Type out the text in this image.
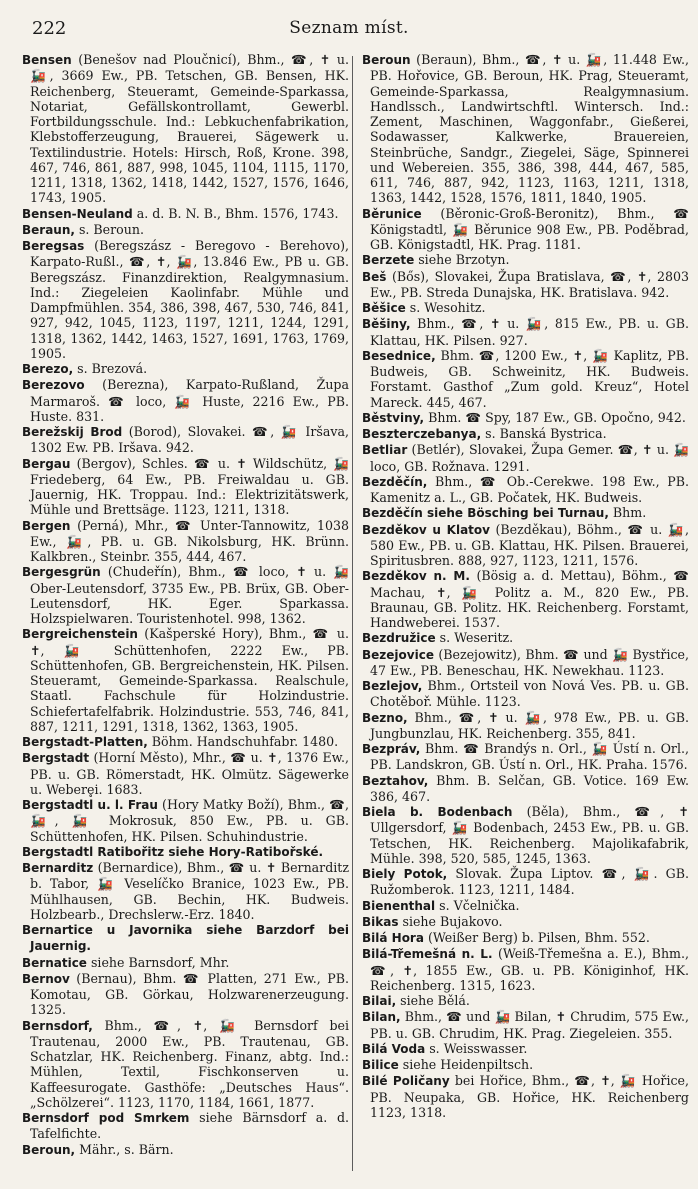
222	Seznam míst.

Bensen (Benešov nad Ploučnicí), Bhm., ☎, ✝ u. 🚂, 3669 Ew., PB. Tetschen, GB. Bensen, HK. Reichenberg, Steueramt, Gemeinde-Sparkassa, Notariat, Gefällskontrollamt, Gewerbl. Fortbildungsschule. Ind.: Lebkuchenfabrikation, Klebstofferzeugung, Brauerei, Sägewerk u. Textilindustrie. Hotels: Hirsch, Roß, Krone. 398, 467, 746, 861, 887, 998, 1045, 1104, 1115, 1170, 1211, 1318, 1362, 1418, 1442, 1527, 1576, 1646, 1743, 1905.

Bensen-Neuland a. d. B. N. B., Bhm. 1576, 1743.

Beraun, s. Beroun.

Beregsas (Beregszász - Beregovo - Berehovo), Karpato-Rußl., ☎, ✝, 🚂, 13.846 Ew., PB u. GB. Beregszász. Finanzdirektion, Realgymnasium. Ind.: Ziegeleien Kaolinfabr. Mühle und Dampfmühlen. 354, 386, 398, 467, 530, 746, 841, 927, 942, 1045, 1123, 1197, 1211, 1244, 1291, 1318, 1362, 1442, 1463, 1527, 1691, 1763, 1769, 1905.

Berezo, s. Brezová.

Berezovo (Berezna), Karpato-Rußland, Župa Marmaroš. ☎ loco, 🚂 Huste, 2216 Ew., PB. Huste. 831.

Berežskij Brod (Borod), Slovakei. ☎, 🚂 Iršava, 1302 Ew. PB. Iršava. 942.

Bergau (Bergov), Schles. ☎ u. ✝ Wildschütz, 🚂 Friedeberg, 64 Ew., PB. Freiwaldau u. GB. Jauernig, HK. Troppau. Ind.: Elektrizitätswerk, Mühle und Brettsäge. 1123, 1211, 1318.

Bergen (Perná), Mhr., ☎ Unter-Tannowitz, 1038 Ew., 🚂, PB. u. GB. Nikolsburg, HK. Brünn. Kalkbren., Steinbr. 355, 444, 467.

Bergesgrün (Chudeřín), Bhm., ☎ loco, ✝ u. 🚂 Ober-Leutensdorf, 3735 Ew., PB. Brüx, GB. Ober-Leutensdorf, HK. Eger. Sparkassa. Holzspielwaren. Touristenhotel. 998, 1362.

Bergreichenstein (Kašperské Hory), Bhm., ☎ u. ✝, 🚂 Schüttenhofen, 2222 Ew., PB. Schüttenhofen, GB. Bergreichenstein, HK. Pilsen. Steueramt, Gemeinde-Sparkassa. Realschule, Staatl. Fachschule für Holzindustrie. Schiefertafelfabrik. Holzindustrie. 553, 746, 841, 887, 1211, 1291, 1318, 1362, 1363, 1905.

Bergstadt-Platten, Böhm. Handschuhfabr. 1480.

Bergstadt (Horní Město), Mhr., ☎ u. ✝, 1376 Ew., PB. u. GB. Römerstadt, HK. Olmütz. Sägewerke u. Webere̥i. 1683.

Bergstadtl u. l. Frau (Hory Matky Boží), Bhm., ☎, 🚂, 🚂 Mokrosuk, 850 Ew., PB. u. GB. Schüttenhofen, HK. Pilsen. Schuhindustrie.

Bergstadtl Ratibořitz siehe Hory-Ratibořské.

Bernarditz (Bernardice), Bhm., ☎ u. ✝ Bernarditz b. Tabor, 🚂 Veselíčko Branice, 1023 Ew., PB. Mühlhausen, GB. Bechin, HK. Budweis. Holzbearb., Drechslerw.-Erz. 1840.

Bernartice u Javornika siehe Barzdorf bei Jauernig.

Bernatice siehe Barnsdorf, Mhr.

Bernov (Bernau), Bhm. ☎ Platten, 271 Ew., PB. Komotau, GB. Görkau, Holzwarenerzeugung. 1325.

Bernsdorf, Bhm., ☎, ✝, 🚂 Bernsdorf bei Trautenau, 2000 Ew., PB. Trautenau, GB. Schatzlar, HK. Reichenberg. Finanz, abtg. Ind.: Mühlen, Textil, Fischkonserven u. Kaffeesurogate. Gasthöfe: „Deutsches Haus“. „Schölzerei“. 1123, 1170, 1184, 1661, 1877.

Bernsdorf pod Smrkem siehe Bärnsdorf a. d. Tafelfichte.

Beroun, Mähr., s. Bärn.

Beroun (Beraun), Bhm., ☎, ✝ u. 🚂, 11.448 Ew., PB. Hořovice, GB. Beroun, HK. Prag, Steueramt, Gemeinde-Sparkassa, Realgymnasium. Handlssch., Landwirtschftl. Wintersch. Ind.: Zement, Maschinen, Waggonfabr., Gießerei, Sodawasser, Kalkwerke, Brauereien, Steinbrüche, Sandgr., Ziegelei, Säge, Spinnerei und Webereien. 355, 386, 398, 444, 467, 585, 611, 746, 887, 942, 1123, 1163, 1211, 1318, 1363, 1442, 1528, 1576, 1811, 1840, 1905.

Běrunice (Běronic-Groß-Beronitz), Bhm., ☎ Königstadtl, 🚂 Běrunice 908 Ew., PB. Poděbrad, GB. Königstadtl, HK. Prag. 1181.

Berzete siehe Brzotyn.

Beš (Bős), Slovakei, Župa Bratislava, ☎, ✝, 2803 Ew., PB. Streda Dunajska, HK. Bratislava. 942.

Běšice s. Wesohitz.

Běšiny, Bhm., ☎, ✝ u. 🚂, 815 Ew., PB. u. GB. Klattau, HK. Pilsen. 927.

Besednice, Bhm. ☎, 1200 Ew., ✝, 🚂 Kaplitz, PB. Budweis, GB. Schweinitz, HK. Budweis. Forstamt. Gasthof „Zum gold. Kreuz“, Hotel Mareck. 445, 467.

Běstviny, Bhm. ☎ Spy, 187 Ew., GB. Opočno, 942.

Beszterczebanya, s. Banská Bystrica.

Betliar (Betlér), Slovakei, Župa Gemer. ☎, ✝ u. 🚂 loco, GB. Rožnava. 1291.

Bezděčín, Bhm., ☎ Ob.-Cerekwe. 198 Ew., PB. Kamenitz a. L., GB. Počatek, HK. Budweis.

Bezděčín siehe Bösching bei Turnau, Bhm.

Bezděkov u Klatov (Bezděkau), Böhm., ☎ u. 🚂, 580 Ew., PB. u. GB. Klattau, HK. Pilsen. Brauerei, Spiritusbren. 888, 927, 1123, 1211, 1576.

Bezděkov n. M. (Bösig a. d. Mettau), Böhm., ☎ Machau, ✝, 🚂 Politz a. M., 820 Ew., PB. Braunau, GB. Politz. HK. Reichenberg. Forstamt, Handweberei. 1537.

Bezdružice s. Weseritz.

Bezejovice (Bezejowitz), Bhm. ☎ und 🚂 Bystřice, 47 Ew., PB. Beneschau, HK. Newekhau. 1123.

Bezlejov, Bhm., Ortsteil von Nová Ves. PB. u. GB. Chotěboř. Mühle. 1123.

Bezno, Bhm., ☎, ✝ u. 🚂, 978 Ew., PB. u. GB. Jungbunzlau, HK. Reichenberg. 355, 841.

Bezpráv, Bhm. ☎ Brandýs n. Orl., 🚂 Ústí n. Orl., PB. Landskron, GB. Ústí n. Orl., HK. Praha. 1576.

Beztahov, Bhm. B. Selčan, GB. Votice. 169 Ew. 386, 467.

Biela b. Bodenbach (Běla), Bhm., ☎, ✝ Ullgersdorf, 🚂 Bodenbach, 2453 Ew., PB. u. GB. Tetschen, HK. Reichenberg. Majolikafabrik, Mühle. 398, 520, 585, 1245, 1363.

Biely Potok, Slovak. Župa Liptov. ☎, 🚂. GB. Ružomberok. 1123, 1211, 1484.

Bienenthal s. Včelnička.

Bikas siehe Bujakovo.

Bilá Hora (Weißer Berg) b. Pilsen, Bhm. 552.

Bilá-Třemešná n. L. (Weiß-Třemešna a. E.), Bhm., ☎, ✝, 1855 Ew., GB. u. PB. Königinhof, HK. Reichenberg. 1315, 1623.

Bilai, siehe Bělá.

Bilan, Bhm., ☎ und 🚂 Bilan, ✝ Chrudim, 575 Ew., PB. u. GB. Chrudim, HK. Prag. Ziegeleien. 355.

Bilá Voda s. Weisswasser.

Bilice siehe Heidenpiltsch.

Bilé Poličany bei Hořice, Bhm., ☎, ✝, 🚂 Hořice, PB. Neupaka, GB. Hořice, HK. Reichenberg 1123, 1318.
